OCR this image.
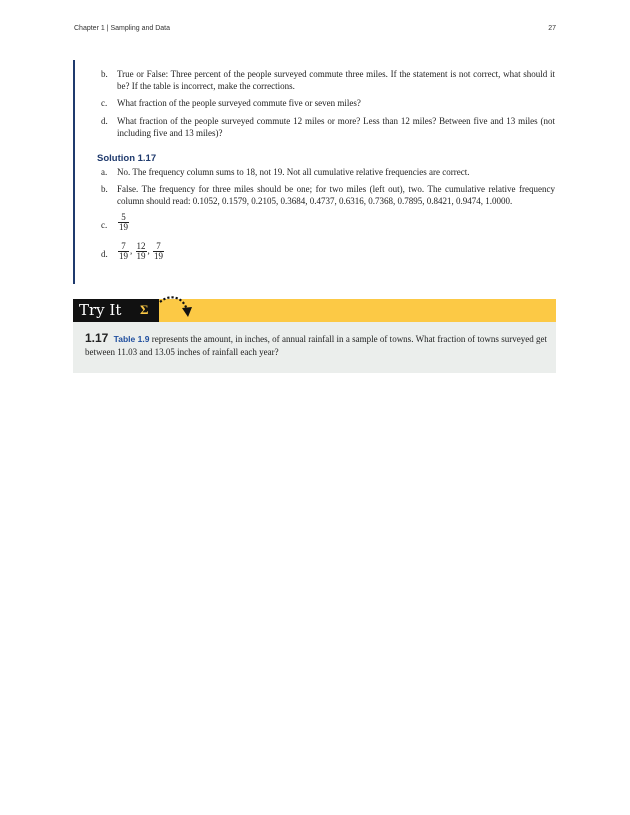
Chapter 1 | Sampling and Data	27
b. True or False: Three percent of the people surveyed commute three miles. If the statement is not correct, what should it be? If the table is incorrect, make the corrections.
c. What fraction of the people surveyed commute five or seven miles?
d. What fraction of the people surveyed commute 12 miles or more? Less than 12 miles? Between five and 13 miles (not including five and 13 miles)?
Solution 1.17
a. No. The frequency column sums to 18, not 19. Not all cumulative relative frequencies are correct.
b. False. The frequency for three miles should be one; for two miles (left out), two. The cumulative relative frequency column should read: 0.1052, 0.1579, 0.2105, 0.3684, 0.4737, 0.6316, 0.7368, 0.7895, 0.8421, 0.9474, 1.0000.
c. $\frac{5}{19}$
d. $\frac{7}{19}$ , $\frac{12}{19}$ , $\frac{7}{19}$
Try It	Σ
1.17 Table 1.9 represents the amount, in inches, of annual rainfall in a sample of towns. What fraction of towns surveyed get between 11.03 and 13.05 inches of rainfall each year?
